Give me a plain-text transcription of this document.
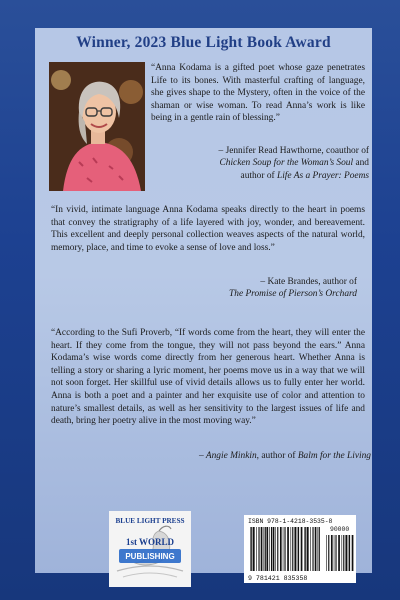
Winner, 2023 Blue Light Book Award
“Anna Kodama is a gifted poet whose gaze penetrates Life to its bones. With masterful crafting of language, she gives shape to the Mystery, often in the voice of the shaman or wise woman. To read Anna’s work is like being in a gentle rain of blessing.”
– Jennifer Read Hawthorne, coauthor of
Chicken Soup for the Woman’s Soul and
author of Life As a Prayer: Poems
“In vivid, intimate language Anna Kodama speaks directly to the heart in poems that convey the stratigraphy of a life layered with joy, wonder, and bereavement. This excellent and deeply personal collection weaves aspects of the natural world, memory, place, and time to evoke a sense of love and loss.”
– Kate Brandes, author of
The Promise of Pierson’s Orchard
“According to the Sufi Proverb, “If words come from the heart, they will enter the heart. If they come from the tongue, they will not pass beyond the ears.” Anna Kodama’s wise words come directly from her generous heart. Whether Anna is telling a story or sharing a lyric moment, her poems move us in a way that we will not soon forget. Her skillful use of vivid details allows us to fully enter her world. Anna is both a poet and a painter and her exquisite use of color and attention to nature’s smallest details, as well as her sensitivity to the largest issues of life and death, bring her poetry alive in the most moving way.”
– Angie Minkin, author of Balm for the Living
BLUE LIGHT PRESS
1st WORLD
PUBLISHING
ISBN 978-1-4218-3535-8
90000
9 781421 835358
